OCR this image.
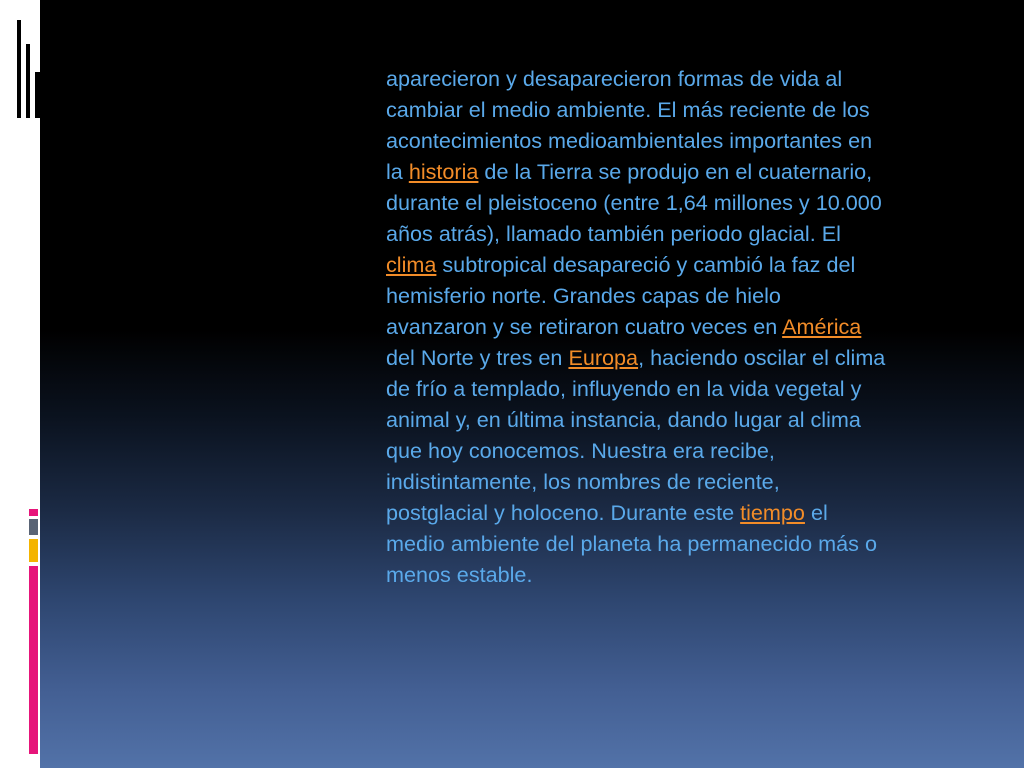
aparecieron y desaparecieron formas de vida al cambiar el medio ambiente. El más reciente de los acontecimientos medioambientales importantes en la historia de la Tierra se produjo en el cuaternario, durante el pleistoceno (entre 1,64 millones y 10.000 años atrás), llamado también periodo glacial. El clima subtropical desapareció y cambió la faz del hemisferio norte. Grandes capas de hielo avanzaron y se retiraron cuatro veces en América del Norte y tres en Europa, haciendo oscilar el clima de frío a templado, influyendo en la vida vegetal y animal y, en última instancia, dando lugar al clima que hoy conocemos. Nuestra era recibe, indistintamente, los nombres de reciente, postglacial y holoceno. Durante este tiempo el medio ambiente del planeta ha permanecido más o menos estable.
